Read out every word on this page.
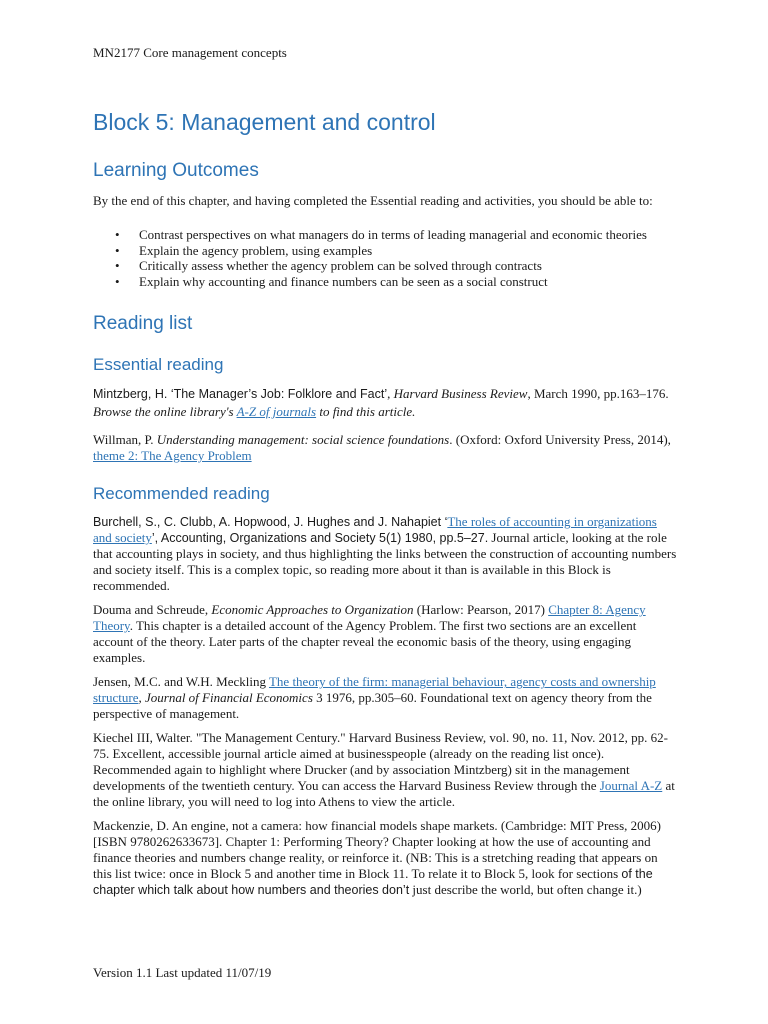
MN2177 Core management concepts
Block 5: Management and control
Learning Outcomes

By the end of this chapter, and having completed the Essential reading and activities, you should be able to:

• Contrast perspectives on what managers do in terms of leading managerial and economic theories
• Explain the agency problem, using examples
• Critically assess whether the agency problem can be solved through contracts
• Explain why accounting and finance numbers can be seen as a social construct
Reading list
Essential reading

Mintzberg, H. ‘The Manager’s Job: Folklore and Fact’, Harvard Business Review, March 1990, pp.163–176. Browse the online library's A-Z of journals to find this article.

Willman, P. Understanding management: social science foundations. (Oxford: Oxford University Press, 2014), theme 2: The Agency Problem

Recommended reading

Burchell, S., C. Clubb, A. Hopwood, J. Hughes and J. Nahapiet ‘The roles of accounting in organizations and society’, Accounting, Organizations and Society 5(1) 1980, pp.5–27. Journal article, looking at the role that accounting plays in society, and thus highlighting the links between the construction of accounting numbers and society itself. This is a complex topic, so reading more about it than is available in this Block is recommended.

Douma and Schreude, Economic Approaches to Organization (Harlow: Pearson, 2017) Chapter 8: Agency Theory. This chapter is a detailed account of the Agency Problem. The first two sections are an excellent account of the theory. Later parts of the chapter reveal the economic basis of the theory, using engaging examples.

Jensen, M.C. and W.H. Meckling The theory of the firm: managerial behaviour, agency costs and ownership structure, Journal of Financial Economics 3 1976, pp.305–60. Foundational text on agency theory from the perspective of management.

Kiechel III, Walter. "The Management Century." Harvard Business Review, vol. 90, no. 11, Nov. 2012, pp. 62-75. Excellent, accessible journal article aimed at businesspeople (already on the reading list once). Recommended again to highlight where Drucker (and by association Mintzberg) sit in the management developments of the twentieth century. You can access the Harvard Business Review through the Journal A-Z at the online library, you will need to log into Athens to view the article.

Mackenzie, D. An engine, not a camera: how financial models shape markets. (Cambridge: MIT Press, 2006) [ISBN 9780262633673]. Chapter 1: Performing Theory? Chapter looking at how the use of accounting and finance theories and numbers change reality, or reinforce it. (NB: This is a stretching reading that appears on this list twice: once in Block 5 and another time in Block 11. To relate it to Block 5, look for sections of the chapter which talk about how numbers and theories don’t just describe the world, but often change it.)

Version 1.1 Last updated 11/07/19
